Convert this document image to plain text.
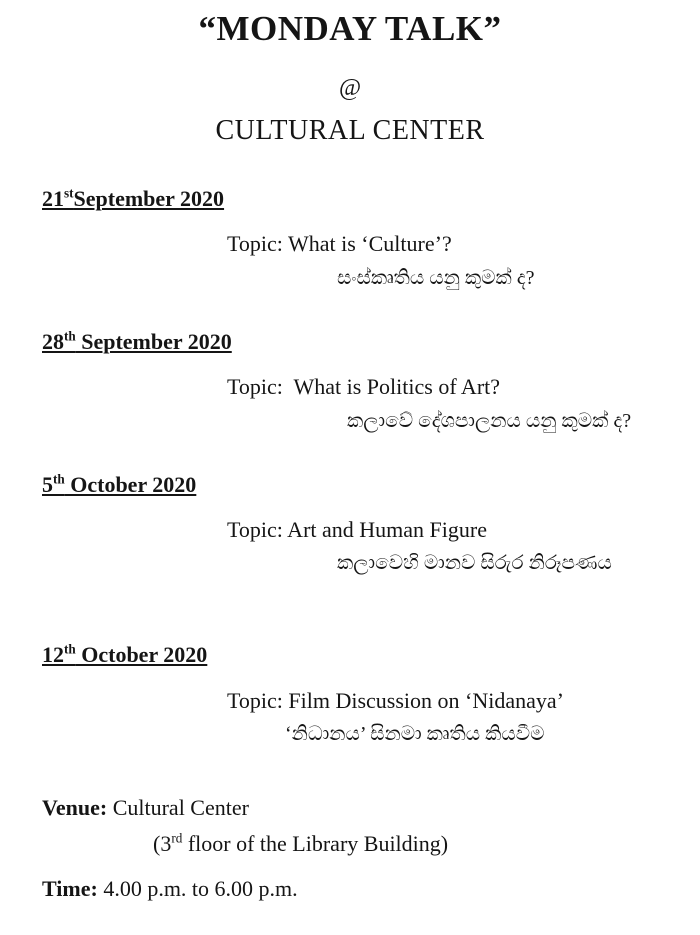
“MONDAY TALK”

@

CULTURAL CENTER

21stSeptember 2020

Topic: What is ‘Culture’?

සංස්කෘතිය යනු කුමක් ද?

28th September 2020

Topic:  What is Politics of Art?

කලාවේ දේශපාලනය යනු කුමක් ද?

5th October 2020

Topic: Art and Human Figure

කලාවෙහි මානව සිරුර නිරූපණය

12th October 2020

Topic: Film Discussion on ‘Nidanaya’

‘නිධානය’ සිනමා කෘතිය කියවීම

Venue: Cultural Center

(3rd floor of the Library Building)

Time: 4.00 p.m. to 6.00 p.m.
